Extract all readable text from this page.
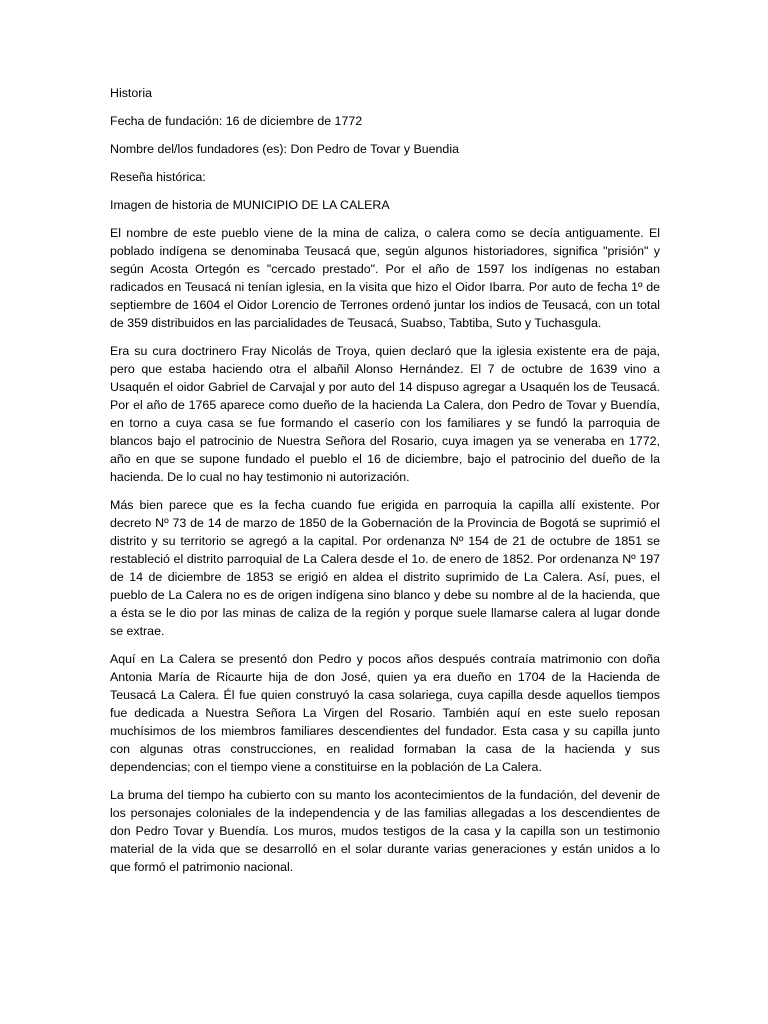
Historia
Fecha de fundación: 16 de diciembre de 1772
Nombre del/los fundadores (es): Don Pedro de Tovar y Buendia
Reseña histórica:
Imagen de historia de MUNICIPIO DE LA CALERA

El nombre de este pueblo viene de la mina de caliza, o calera como se decía antiguamente. El poblado indígena se denominaba Teusacá que, según algunos historiadores, significa "prisión" y según Acosta Ortegón es "cercado prestado". Por el año de 1597 los indígenas no estaban radicados en Teusacá ni tenían iglesia, en la visita que hizo el Oidor Ibarra. Por auto de fecha 1º de septiembre de 1604 el Oidor Lorencio de Terrones ordenó juntar los indios de Teusacá, con un total de 359 distribuidos en las parcialidades de Teusacá, Suabso, Tabtiba, Suto y Tuchasgula.

Era su cura doctrinero Fray Nicolás de Troya, quien declaró que la iglesia existente era de paja, pero que estaba haciendo otra el albañil Alonso Hernández. El 7 de octubre de 1639 vino a Usaquén el oidor Gabriel de Carvajal y por auto del 14 dispuso agregar a Usaquén los de Teusacá. Por el año de 1765 aparece como dueño de la hacienda La Calera, don Pedro de Tovar y Buendía, en torno a cuya casa se fue formando el caserío con los familiares y se fundó la parroquia de blancos bajo el patrocinio de Nuestra Señora del Rosario, cuya imagen ya se veneraba en 1772, año en que se supone fundado el pueblo el 16 de diciembre, bajo el patrocinio del dueño de la hacienda. De lo cual no hay testimonio ni autorización.

Más bien parece que es la fecha cuando fue erigida en parroquia la capilla allí existente. Por decreto Nº 73 de 14 de marzo de 1850 de la Gobernación de la Provincia de Bogotá se suprimió el distrito y su territorio se agregó a la capital. Por ordenanza Nº 154 de 21 de octubre de 1851 se restableció el distrito parroquial de La Calera desde el 1o. de enero de 1852. Por ordenanza Nº 197 de 14 de diciembre de 1853 se erigió en aldea el distrito suprimido de La Calera. Así, pues, el pueblo de La Calera no es de origen indígena sino blanco y debe su nombre al de la hacienda, que a ésta se le dio por las minas de caliza de la región y porque suele llamarse calera al lugar donde se extrae.

Aquí en La Calera se presentó don Pedro y pocos años después contraía matrimonio con doña Antonia María de Ricaurte hija de don José, quien ya era dueño en 1704 de la Hacienda de Teusacá La Calera. Él fue quien construyó la casa solariega, cuya capilla desde aquellos tiempos fue dedicada a Nuestra Señora La Virgen del Rosario. También aquí en este suelo reposan muchísimos de los miembros familiares descendientes del fundador. Esta casa y su capilla junto con algunas otras construcciones, en realidad formaban la casa de la hacienda y sus dependencias; con el tiempo viene a constituirse en la población de La Calera.

La bruma del tiempo ha cubierto con su manto los acontecimientos de la fundación, del devenir de los personajes coloniales de la independencia y de las familias allegadas a los descendientes de don Pedro Tovar y Buendía. Los muros, mudos testigos de la casa y la capilla son un testimonio material de la vida que se desarrolló en el solar durante varias generaciones y están unidos a lo que formó el patrimonio nacional.
